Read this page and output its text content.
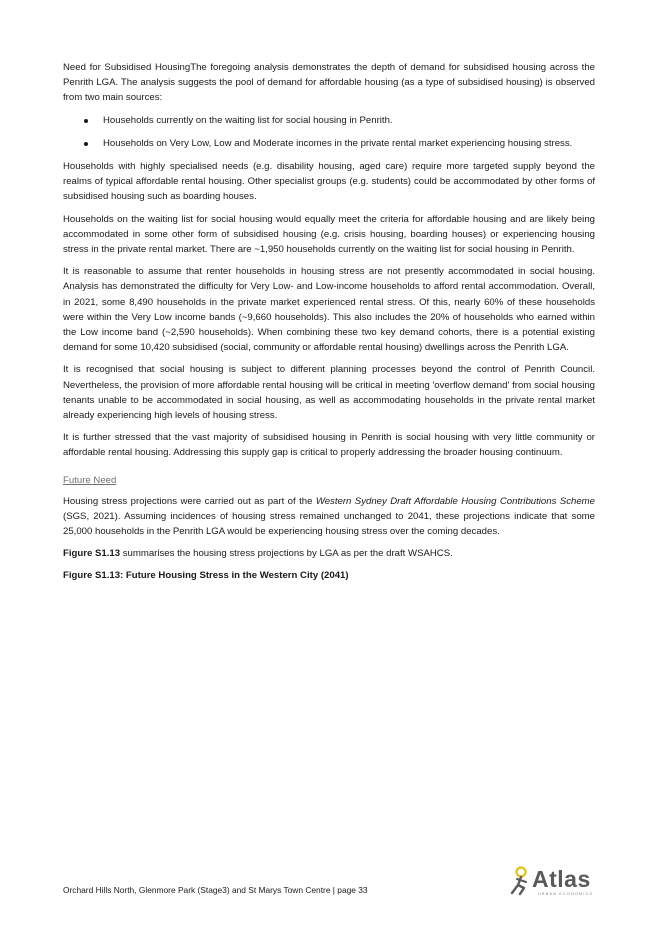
Need for Subsidised HousingThe foregoing analysis demonstrates the depth of demand for subsidised housing across the Penrith LGA. The analysis suggests the pool of demand for affordable housing (as a type of subsidised housing) is observed from two main sources:

Households currently on the waiting list for social housing in Penrith.
Households on Very Low, Low and Moderate incomes in the private rental market experiencing housing stress.

Households with highly specialised needs (e.g. disability housing, aged care) require more targeted supply beyond the realms of typical affordable rental housing. Other specialist groups (e.g. students) could be accommodated by other forms of subsidised housing such as boarding houses.

Households on the waiting list for social housing would equally meet the criteria for affordable housing and are likely being accommodated in some other form of subsidised housing (e.g. crisis housing, boarding houses) or experiencing housing stress in the private rental market. There are ~1,950 households currently on the waiting list for social housing in Penrith.

It is reasonable to assume that renter households in housing stress are not presently accommodated in social housing. Analysis has demonstrated the difficulty for Very Low- and Low-income households to afford rental accommodation. Overall, in 2021, some 8,490 households in the private market experienced rental stress. Of this, nearly 60% of these households were within the Very Low income bands (~9,660 households). This also includes the 20% of households who earned within the Low income band (~2,590 households). When combining these two key demand cohorts, there is a potential existing demand for some 10,420 subsidised (social, community or affordable rental housing) dwellings across the Penrith LGA.

It is recognised that social housing is subject to different planning processes beyond the control of Penrith Council. Nevertheless, the provision of more affordable rental housing will be critical in meeting 'overflow demand' from social housing tenants unable to be accommodated in social housing, as well as accommodating households in the private rental market already experiencing high levels of housing stress.

It is further stressed that the vast majority of subsidised housing in Penrith is social housing with very little community or affordable rental housing. Addressing this supply gap is critical to properly addressing the broader housing continuum.

Future Need

Housing stress projections were carried out as part of the Western Sydney Draft Affordable Housing Contributions Scheme (SGS, 2021). Assuming incidences of housing stress remained unchanged to 2041, these projections indicate that some 25,000 households in the Penrith LGA would be experiencing housing stress over the coming decades.

Figure S1.13 summarises the housing stress projections by LGA as per the draft WSAHCS.

Figure S1.13: Future Housing Stress in the Western City (2041)

Orchard Hills North, Glenmore Park (Stage3) and St Marys Town Centre | page 33	Atlas
URBAN ECONOMICS
